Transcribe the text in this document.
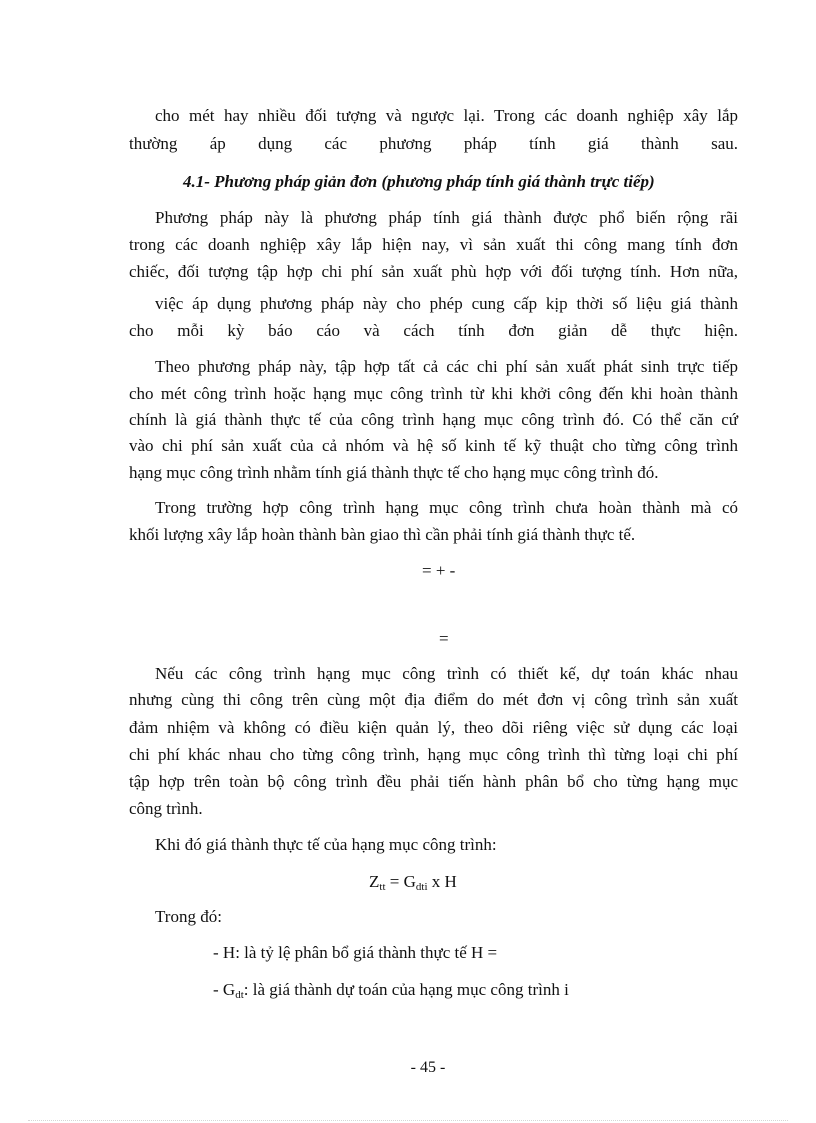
cho mét hay nhiều đối tượng và ngược lại. Trong các doanh nghiệp xây lắp
thường áp dụng các phương pháp tính giá thành sau.
4.1- Phương pháp giản đơn (phương pháp tính giá thành trực tiếp)
Phương pháp này là phương pháp tính giá thành được phổ biến rộng rãi
trong các doanh nghiệp xây lắp hiện nay, vì sản xuất thi công mang tính đơn
chiếc, đối tượng tập hợp chi phí sản xuất phù hợp với đối tượng tính. Hơn nữa,
việc áp dụng phương pháp này cho phép cung cấp kịp thời số liệu giá thành
cho mỗi kỳ báo cáo và cách tính đơn giản dễ thực hiện.
Theo phương pháp này, tập hợp tất cả các chi phí sản xuất phát sinh trực tiếp
cho mét công trình hoặc hạng mục công trình từ khi khởi công đến khi hoàn thành
chính là giá thành thực tế của công trình hạng mục công trình đó. Có thể căn cứ
vào chi phí sản xuất của cả nhóm và hệ số kinh tế kỹ thuật cho từng công trình
hạng mục công trình nhằm tính giá thành thực tế cho hạng mục công trình đó.
Trong trường hợp công trình hạng mục công trình chưa hoàn thành mà có
khối lượng xây lắp hoàn thành bàn giao thì cần phải tính giá thành thực tế.
= + -
=
Nếu các công trình hạng mục công trình có thiết kế, dự toán khác nhau
nhưng cùng thi công trên cùng một địa điểm do mét đơn vị công trình sản xuất
đảm nhiệm và không có điều kiện quản lý, theo dõi riêng việc sử dụng các loại
chi phí khác nhau cho từng công trình, hạng mục công trình thì từng loại chi phí
tập hợp trên toàn bộ công trình đều phải tiến hành phân bổ cho từng hạng mục
công trình.
Khi đó giá thành thực tế của hạng mục công trình:
$Z_{tt} = G_{dti}$ x H
Trong đó:
- H: là tỷ lệ phân bổ giá thành thực tế H =
- $G_{dt}$: là giá thành dự toán của hạng mục công trình i
- 45 -
